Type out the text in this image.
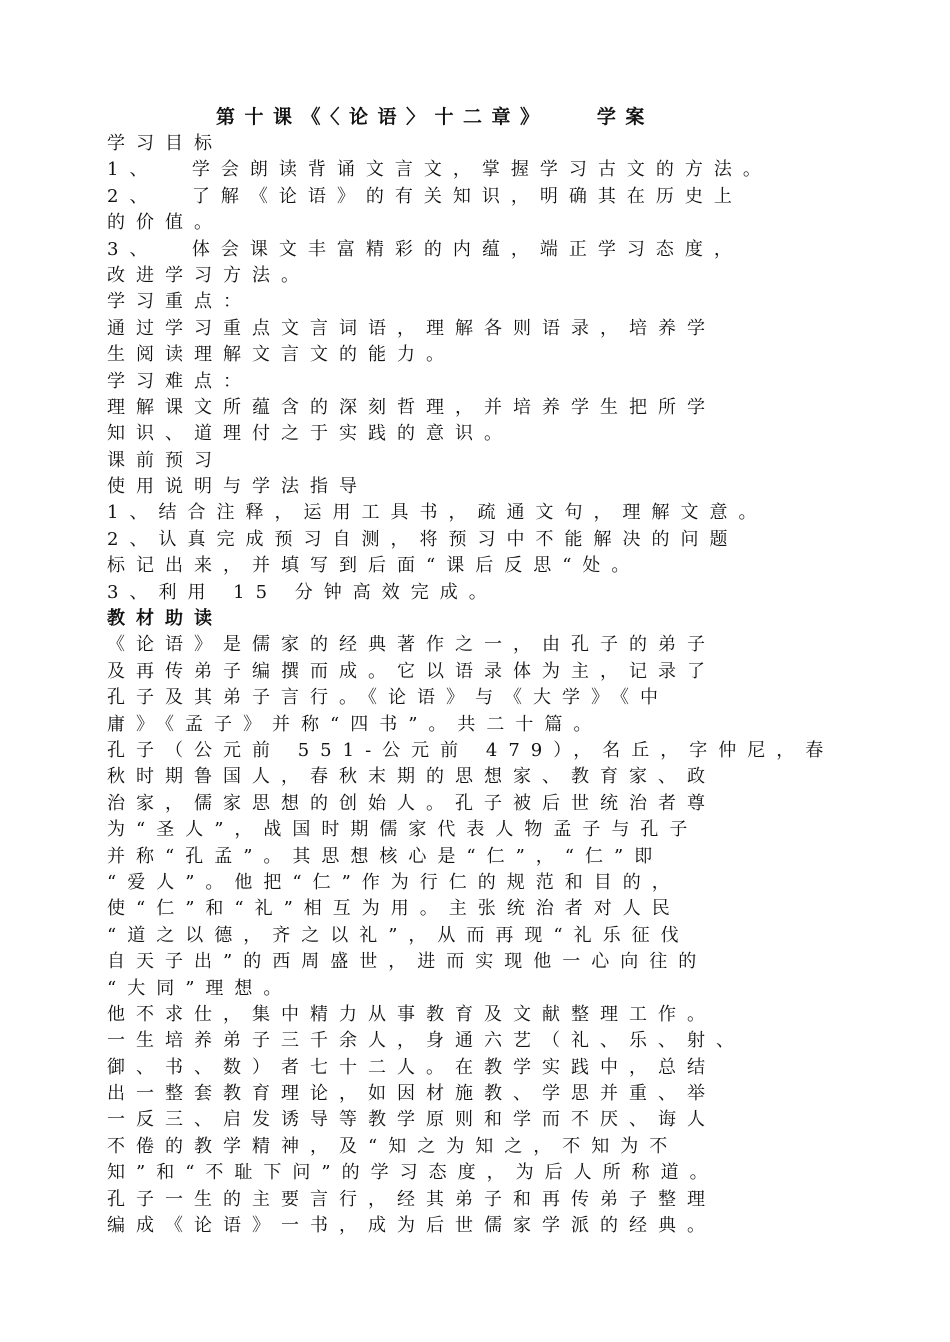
第十课《〈论语〉十二章》   学案
学习目标
1、  学会朗读背诵文言文，掌握学习古文的方法。
2、  了解《论语》的有关知识，明确其在历史上
的价值。
3、  体会课文丰富精彩的内蕴，端正学习态度，
改进学习方法。
学习重点：
通过学习重点文言词语，理解各则语录，培养学
生阅读理解文言文的能力。
学习难点：
理解课文所蕴含的深刻哲理，并培养学生把所学
知识、道理付之于实践的意识。
课前预习
使用说明与学法指导
1、结合注释，运用工具书，疏通文句，理解文意。
2、认真完成预习自测，将预习中不能解决的问题
标记出来，并填写到后面“课后反思“处。
3、利用 15 分钟高效完成。
教材助读
《论语》是儒家的经典著作之一，由孔子的弟子
及再传弟子编撰而成。它以语录体为主，记录了
孔子及其弟子言行。《论语》与《大学》《中
庸》《孟子》并称“四书”。共二十篇。
孔子（公元前 551-公元前 479），名丘，字仲尼，春
秋时期鲁国人，春秋末期的思想家、教育家、政
治家，儒家思想的创始人。孔子被后世统治者尊
为“圣人”，战国时期儒家代表人物孟子与孔子
并称“孔孟”。其思想核心是“仁”，“仁”即
“爱人”。他把“仁”作为行仁的规范和目的，
使“仁”和“礼”相互为用。主张统治者对人民
“道之以德，齐之以礼”，从而再现“礼乐征伐
自天子出”的西周盛世，进而实现他一心向往的
“大同”理想。
他不求仕，集中精力从事教育及文献整理工作。
一生培养弟子三千余人，身通六艺（礼、乐、射、
御、书、数）者七十二人。在教学实践中，总结
出一整套教育理论，如因材施教、学思并重、举
一反三、启发诱导等教学原则和学而不厌、诲人
不倦的教学精神，及“知之为知之，不知为不
知”和“不耻下问”的学习态度，为后人所称道。
孔子一生的主要言行，经其弟子和再传弟子整理
编成《论语》一书，成为后世儒家学派的经典。
